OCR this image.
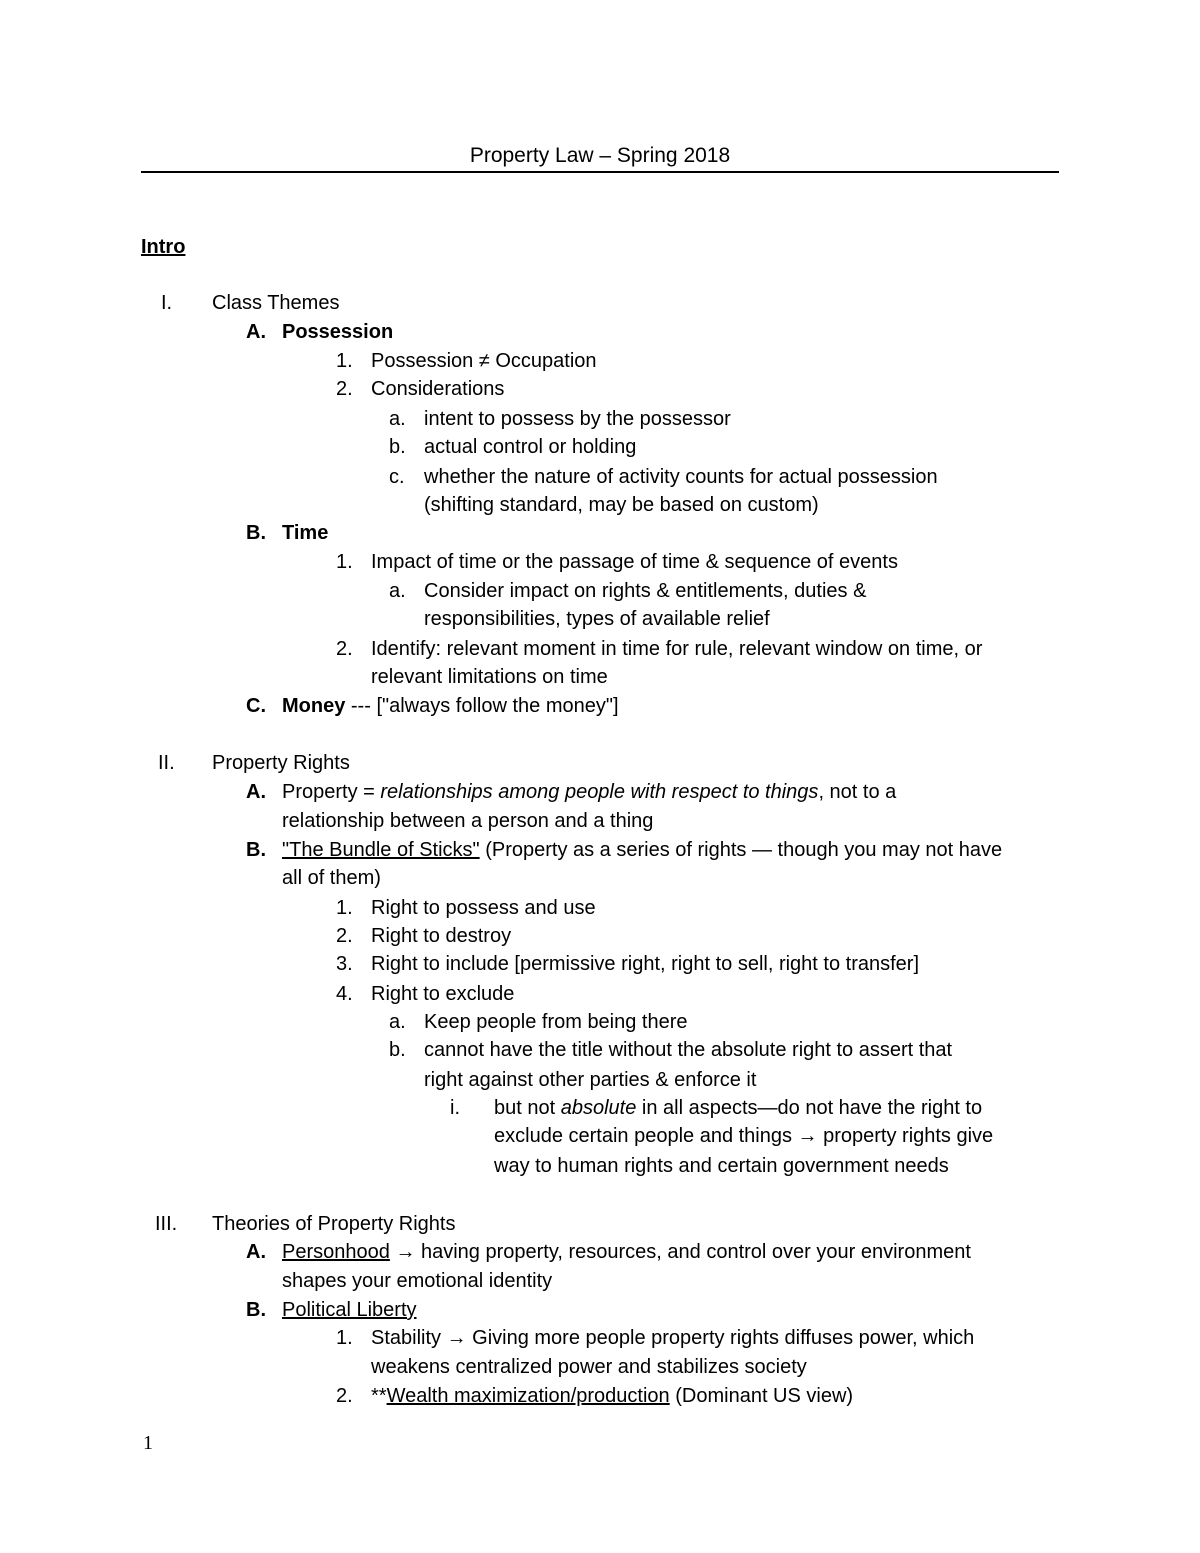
Property Law – Spring 2018
Intro
I. Class Themes
A. Possession
1. Possession ≠ Occupation
2. Considerations
a. intent to possess by the possessor
b. actual control or holding
c. whether the nature of activity counts for actual possession
(shifting standard, may be based on custom)
B. Time
1. Impact of time or the passage of time & sequence of events
a. Consider impact on rights & entitlements, duties &
responsibilities, types of available relief
2. Identify: relevant moment in time for rule, relevant window on time, or
relevant limitations on time
C. Money --- ["always follow the money"]
II. Property Rights
A. Property = relationships among people with respect to things, not to a
relationship between a person and a thing
B. "The Bundle of Sticks" (Property as a series of rights — though you may not have
all of them)
1. Right to possess and use
2. Right to destroy
3. Right to include [permissive right, right to sell, right to transfer]
4. Right to exclude
a. Keep people from being there
b. cannot have the title without the absolute right to assert that
right against other parties & enforce it
i. but not absolute in all aspects—do not have the right to
exclude certain people and things → property rights give
way to human rights and certain government needs
III. Theories of Property Rights
A. Personhood → having property, resources, and control over your environment
shapes your emotional identity
B. Political Liberty
1. Stability → Giving more people property rights diffuses power, which
weakens centralized power and stabilizes society
2. **Wealth maximization/production (Dominant US view)
1
